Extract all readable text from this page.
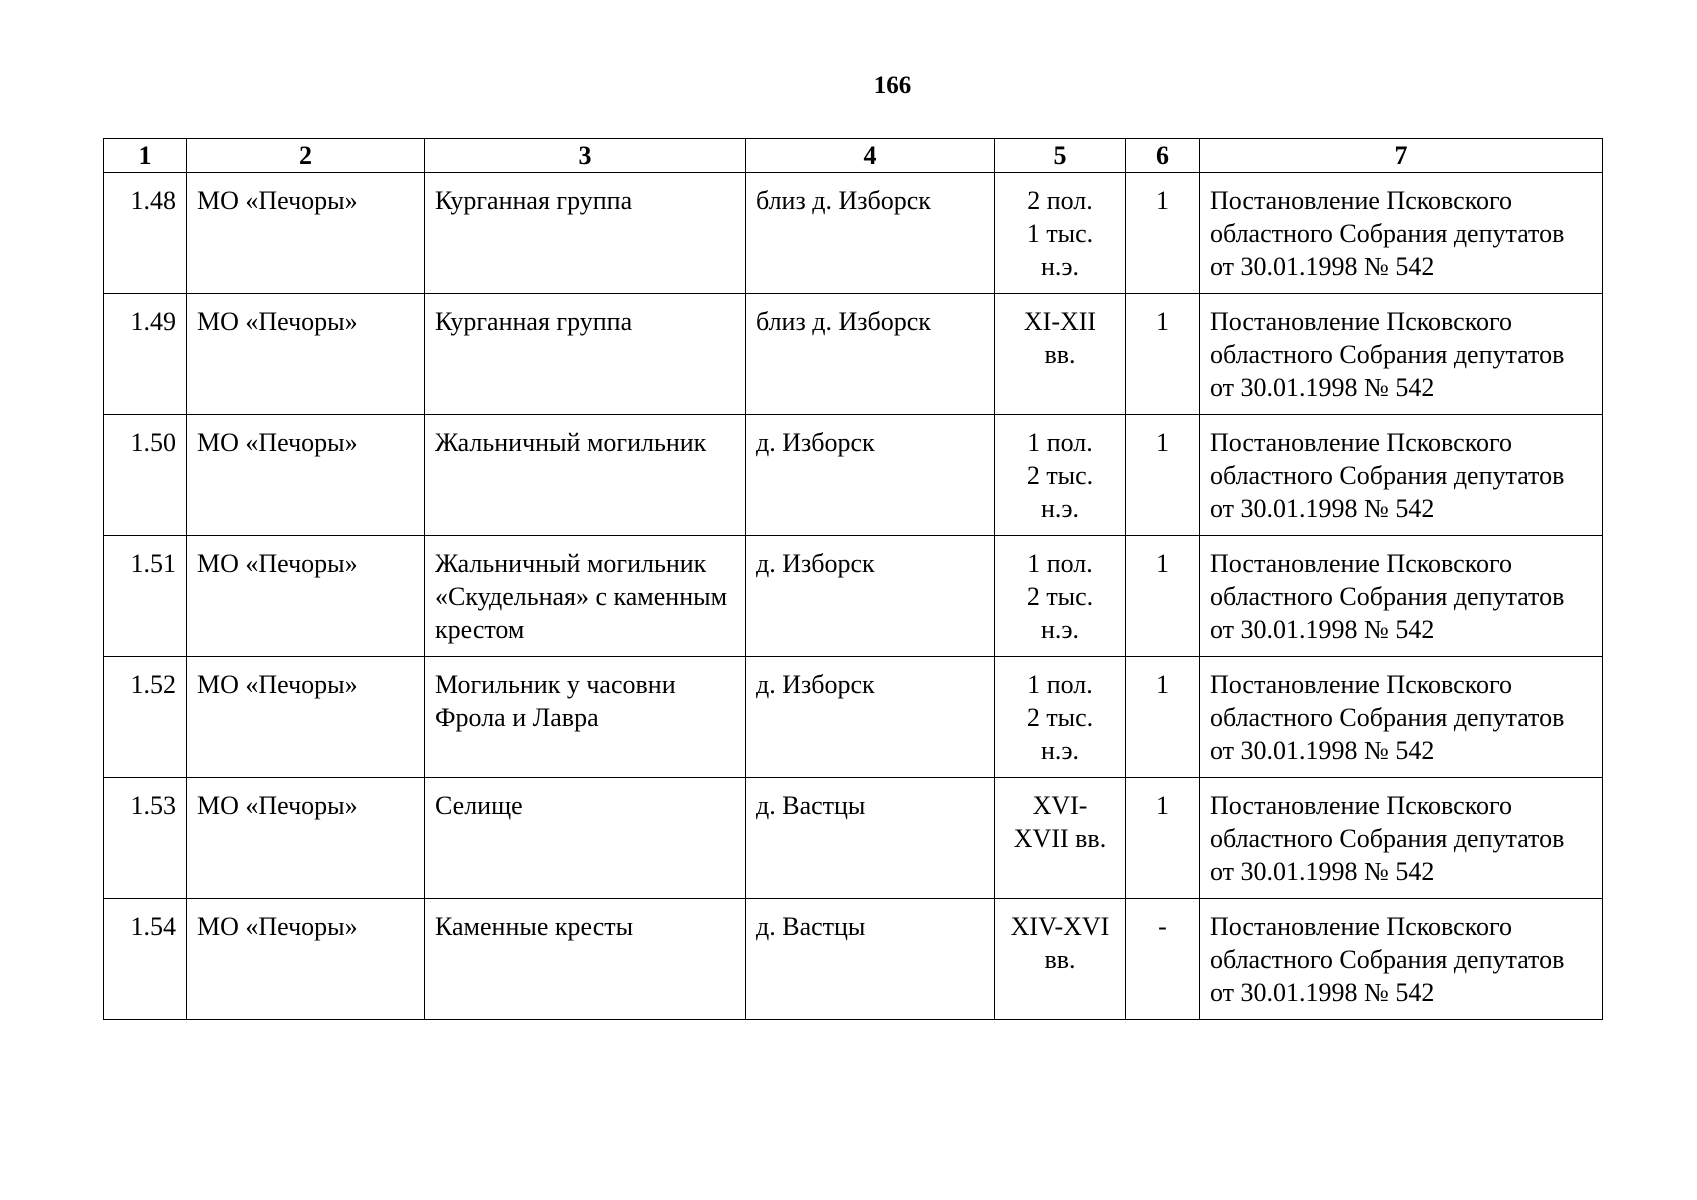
166
1	2	3	4	5	6	7
1.48	МО «Печоры»	Курганная группа	близ д. Изборск	2 пол.
1 тыс.
н.э.	1	Постановление Псковского областного Собрания депутатов от 30.01.1998 № 542
1.49	МО «Печоры»	Курганная группа	близ д. Изборск	XI-XII
вв.	1	Постановление Псковского областного Собрания депутатов от 30.01.1998 № 542
1.50	МО «Печоры»	Жальничный могильник	д. Изборск	1 пол.
2 тыс.
н.э.	1	Постановление Псковского областного Собрания депутатов от 30.01.1998 № 542
1.51	МО «Печоры»	Жальничный могильник «Скудельная» с каменным крестом	д. Изборск	1 пол.
2 тыс.
н.э.	1	Постановление Псковского областного Собрания депутатов от 30.01.1998 № 542
1.52	МО «Печоры»	Могильник у часовни Фрола и Лавра	д. Изборск	1 пол.
2 тыс.
н.э.	1	Постановление Псковского областного Собрания депутатов от 30.01.1998 № 542
1.53	МО «Печоры»	Селище	д. Вастцы	XVI-
XVII вв.	1	Постановление Псковского областного Собрания депутатов от 30.01.1998 № 542
1.54	МО «Печоры»	Каменные кресты	д. Вастцы	XIV-XVI
вв.	-	Постановление Псковского областного Собрания депутатов от 30.01.1998 № 542
